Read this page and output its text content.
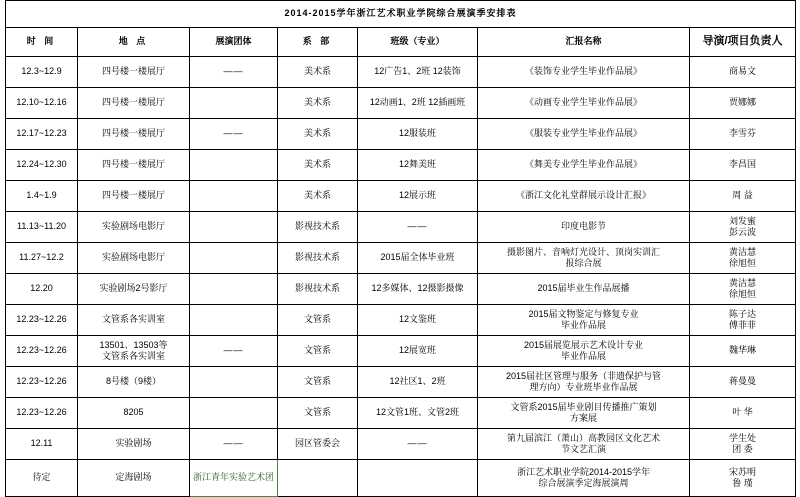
2014-2015学年浙江艺术职业学院综合展演季安排表						
时 间	地 点	展演团体	系 部	班级（专业）	汇报名称	导演/项目负责人
12.3~12.9	四号楼一楼展厅	——	美术系	12广告1、2班 12装饰	《装饰专业学生毕业作品展》	商易文
12.10~12.16	四号楼一楼展厅		美术系	12动画1、2班 12插画班	《动画专业学生毕业作品展》	贾娜娜
12.17~12.23	四号楼一楼展厅	——	美术系	12服装班	《服装专业学生毕业作品展》	李雪芬
12.24~12.30	四号楼一楼展厅		美术系	12舞美班	《舞美专业学生毕业作品展》	李昌国
1.4~1.9	四号楼一楼展厅		美术系	12展示班	《浙江文化礼堂群展示设计汇报》	周 益
11.13~11.20	实验剧场电影厅		影视技术系	——	印度电影节	刘发蜜
彭云波

11.27~12.2	实验剧场电影厅		影视技术系	2015届全体毕业班	摄影图片、音响灯光设计、顶岗实训汇
报综合展	黄洁慧
徐旭恒

12.20	实验剧场2号影厅		影视技术系	12多媒体、12摄影摄像	2015届毕业生作品展播	黄洁慧
徐旭恒

12.23~12.26	文管系各实训室		文管系	12文鉴班	2015届文物鉴定与修复专业
毕业作品展	陈子达
傅菲菲

12.23~12.26	13501、13503等
文管系各实训室	——	文管系	12展宽班	2015届展览展示艺术设计专业
毕业作品展	魏华琳
12.23~12.26	8号楼（9楼）		文管系	12社区1、2班	2015届社区管理与服务（非遗保护与管
理方向）专业班毕业作品展	蒋曼曼
12.23~12.26	8205		文管系	12文管1班、文管2班	文管系2015届毕业剧目传播推广策划
方案展	叶 华
12.11	实验剧场	——	园区管委会	——	第九届滨江（萧山）高教园区文化艺术
节文艺汇演	学生处
团 委

待定	定海剧场	浙江青年实验艺术团			浙江艺术职业学院2014-2015学年
综合展演季定海展演周	宋苏明
鲁 瑾
